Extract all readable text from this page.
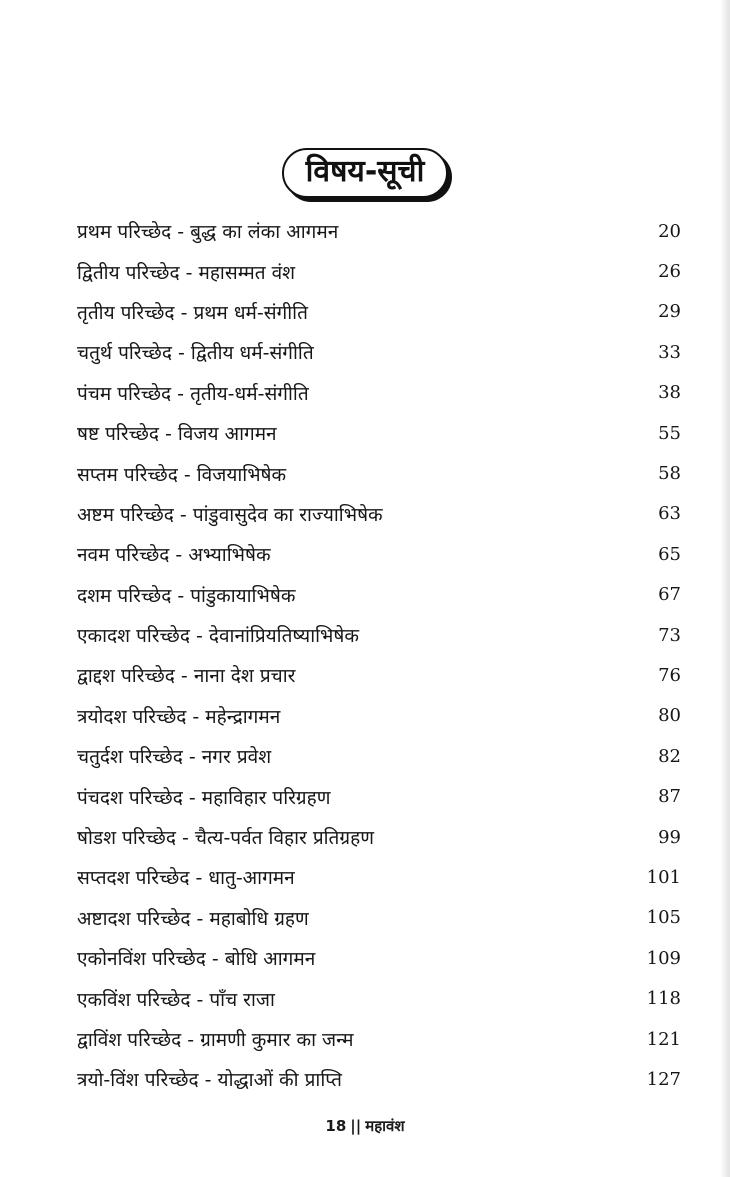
विषय-सूची
प्रथम परिच्छेद - बुद्ध का लंका आगमन	20
द्वितीय परिच्छेद - महासम्मत वंश	26
तृतीय परिच्छेद - प्रथम धर्म-संगीति	29
चतुर्थ परिच्छेद - द्वितीय धर्म-संगीति	33
पंचम परिच्छेद - तृतीय-धर्म-संगीति	38
षष्ट परिच्छेद - विजय आगमन	55
सप्तम परिच्छेद - विजयाभिषेक	58
अष्टम परिच्छेद - पांडुवासुदेव का राज्याभिषेक	63
नवम परिच्छेद - अभ्याभिषेक	65
दशम परिच्छेद - पांडुकायाभिषेक	67
एकादश परिच्छेद - देवानांप्रियतिष्याभिषेक	73
द्वाद्दश परिच्छेद - नाना देश प्रचार	76
त्रयोदश परिच्छेद - महेन्द्रागमन	80
चतुर्दश परिच्छेद - नगर प्रवेश	82
पंचदश परिच्छेद - महाविहार परिग्रहण	87
षोडश परिच्छेद - चैत्य-पर्वत विहार प्रतिग्रहण	99
सप्तदश परिच्छेद - धातु-आगमन	101
अष्टादश परिच्छेद - महाबोधि ग्रहण	105
एकोनविंश परिच्छेद - बोधि आगमन	109
एकविंश परिच्छेद - पाँच राजा	118
द्वाविंश परिच्छेद - ग्रामणी कुमार का जन्म	121
त्रयो-विंश परिच्छेद - योद्धाओं की प्राप्ति	127
18 || महावंश
